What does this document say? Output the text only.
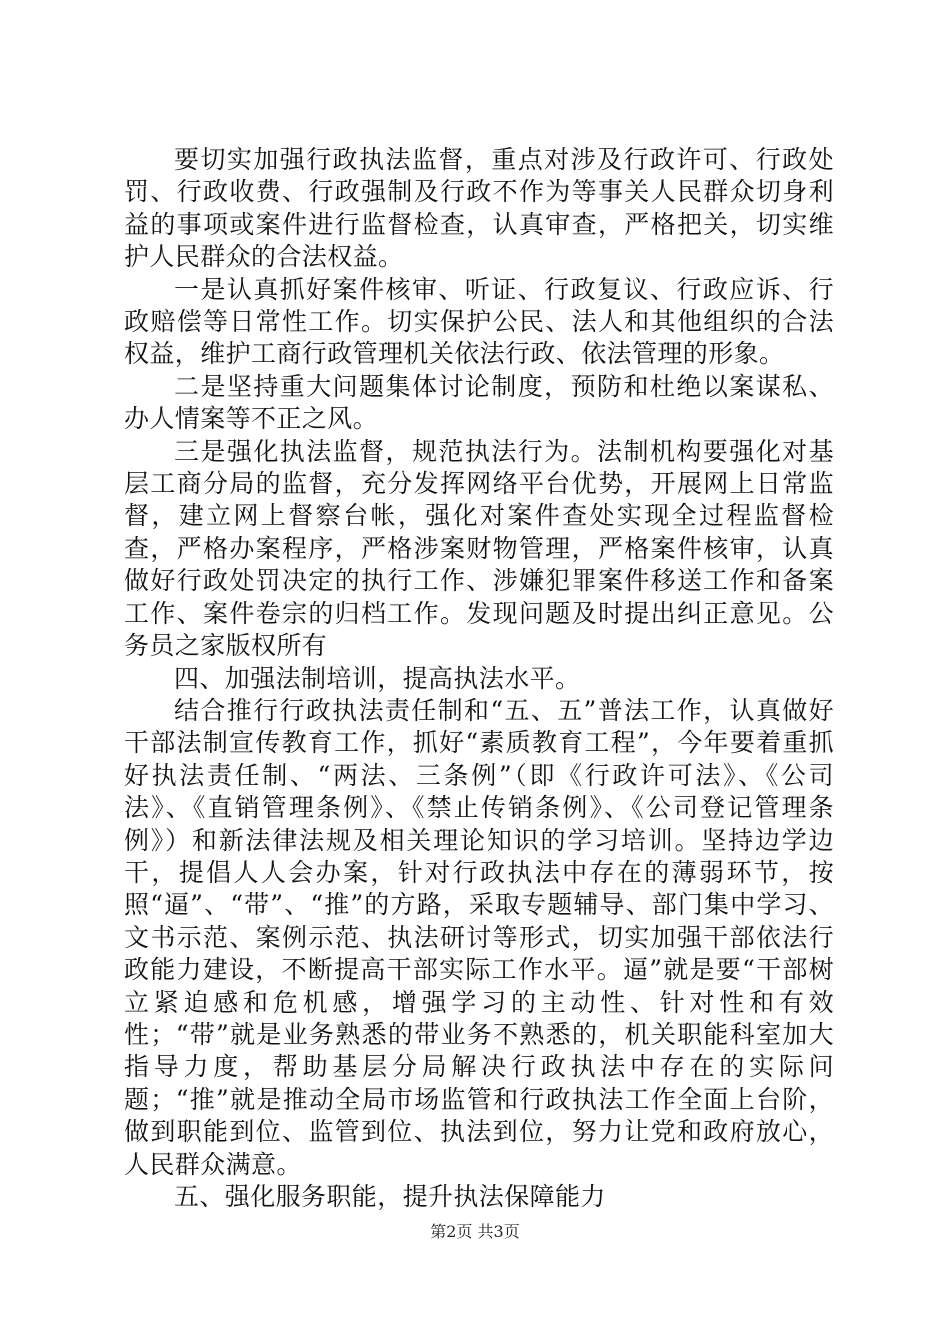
要切实加强行政执法监督，重点对涉及行政许可、行政处罚、行政收费、行政强制及行政不作为等事关人民群众切身利益的事项或案件进行监督检查，认真审查，严格把关，切实维护人民群众的合法权益。

一是认真抓好案件核审、听证、行政复议、行政应诉、行政赔偿等日常性工作。切实保护公民、法人和其他组织的合法权益，维护工商行政管理机关依法行政、依法管理的形象。

二是坚持重大问题集体讨论制度，预防和杜绝以案谋私、办人情案等不正之风。

三是强化执法监督，规范执法行为。法制机构要强化对基层工商分局的监督，充分发挥网络平台优势，开展网上日常监督，建立网上督察台帐，强化对案件查处实现全过程监督检查，严格办案程序，严格涉案财物管理，严格案件核审，认真做好行政处罚决定的执行工作、涉嫌犯罪案件移送工作和备案工作、案件卷宗的归档工作。发现问题及时提出纠正意见。公务员之家版权所有

四、加强法制培训，提高执法水平。

结合推行行政执法责任制和“五、五”普法工作，认真做好干部法制宣传教育工作，抓好“素质教育工程”，今年要着重抓好执法责任制、“两法、三条例”（即《行政许可法》、《公司法》、《直销管理条例》、《禁止传销条例》、《公司登记管理条例》）和新法律法规及相关理论知识的学习培训。坚持边学边干，提倡人人会办案，针对行政执法中存在的薄弱环节，按照“逼”、“带”、“推”的方路，采取专题辅导、部门集中学习、文书示范、案例示范、执法研讨等形式，切实加强干部依法行政能力建设，不断提高干部实际工作水平。逼”就是要“干部树立紧迫感和危机感，增强学习的主动性、针对性和有效性；“带”就是业务熟悉的带业务不熟悉的，机关职能科室加大指导力度，帮助基层分局解决行政执法中存在的实际问题；“推”就是推动全局市场监管和行政执法工作全面上台阶，做到职能到位、监管到位、执法到位，努力让党和政府放心，人民群众满意。

五、强化服务职能，提升执法保障能力

第2页 共3页
